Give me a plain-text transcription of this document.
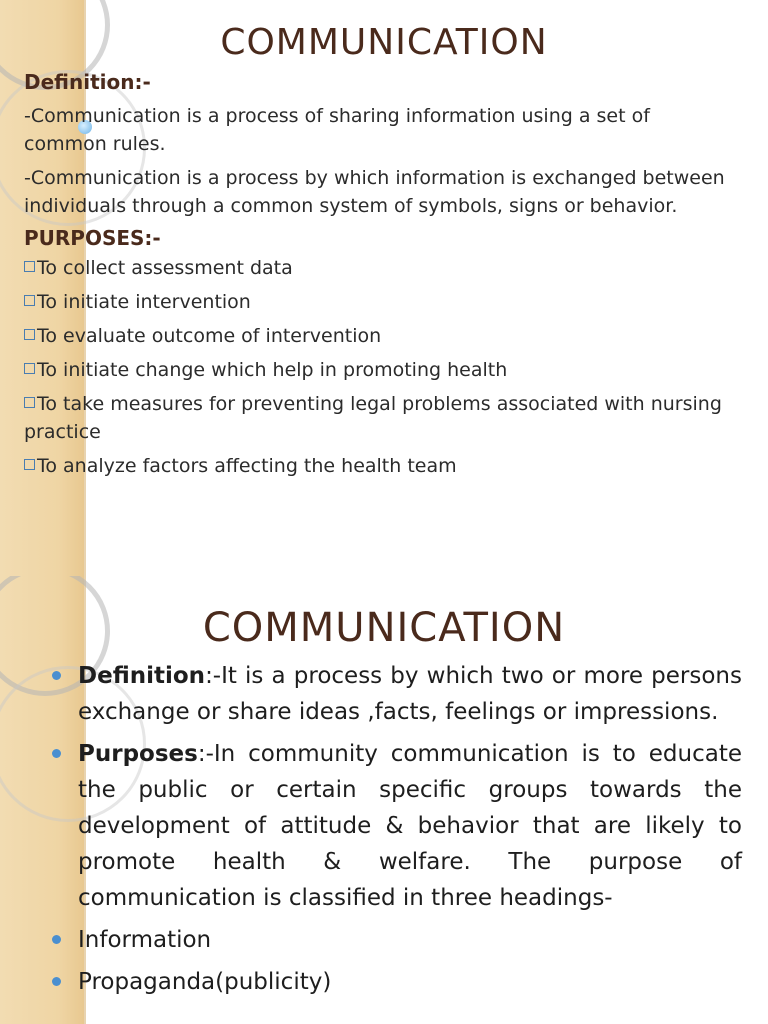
COMMUNICATION
Definition:-
-Communication is a process of sharing information using a set of common rules.
-Communication is a process by which information is exchanged between individuals through a common system of symbols, signs or behavior.
PURPOSES:-

To collect assessment data

To initiate intervention

To evaluate outcome of intervention

To initiate change which help in promoting health

To take measures for preventing legal problems associated with nursing practice

To analyze factors affecting the health team

COMMUNICATION
Definition:-It is a process by which two or more persons exchange or share ideas ,facts, feelings or impressions.
Purposes:-In community communication is to educate the public or certain specific groups towards the development of attitude & behavior that are likely to promote health & welfare. The purpose of communication is classified in three headings-
Information
Propaganda(publicity)
